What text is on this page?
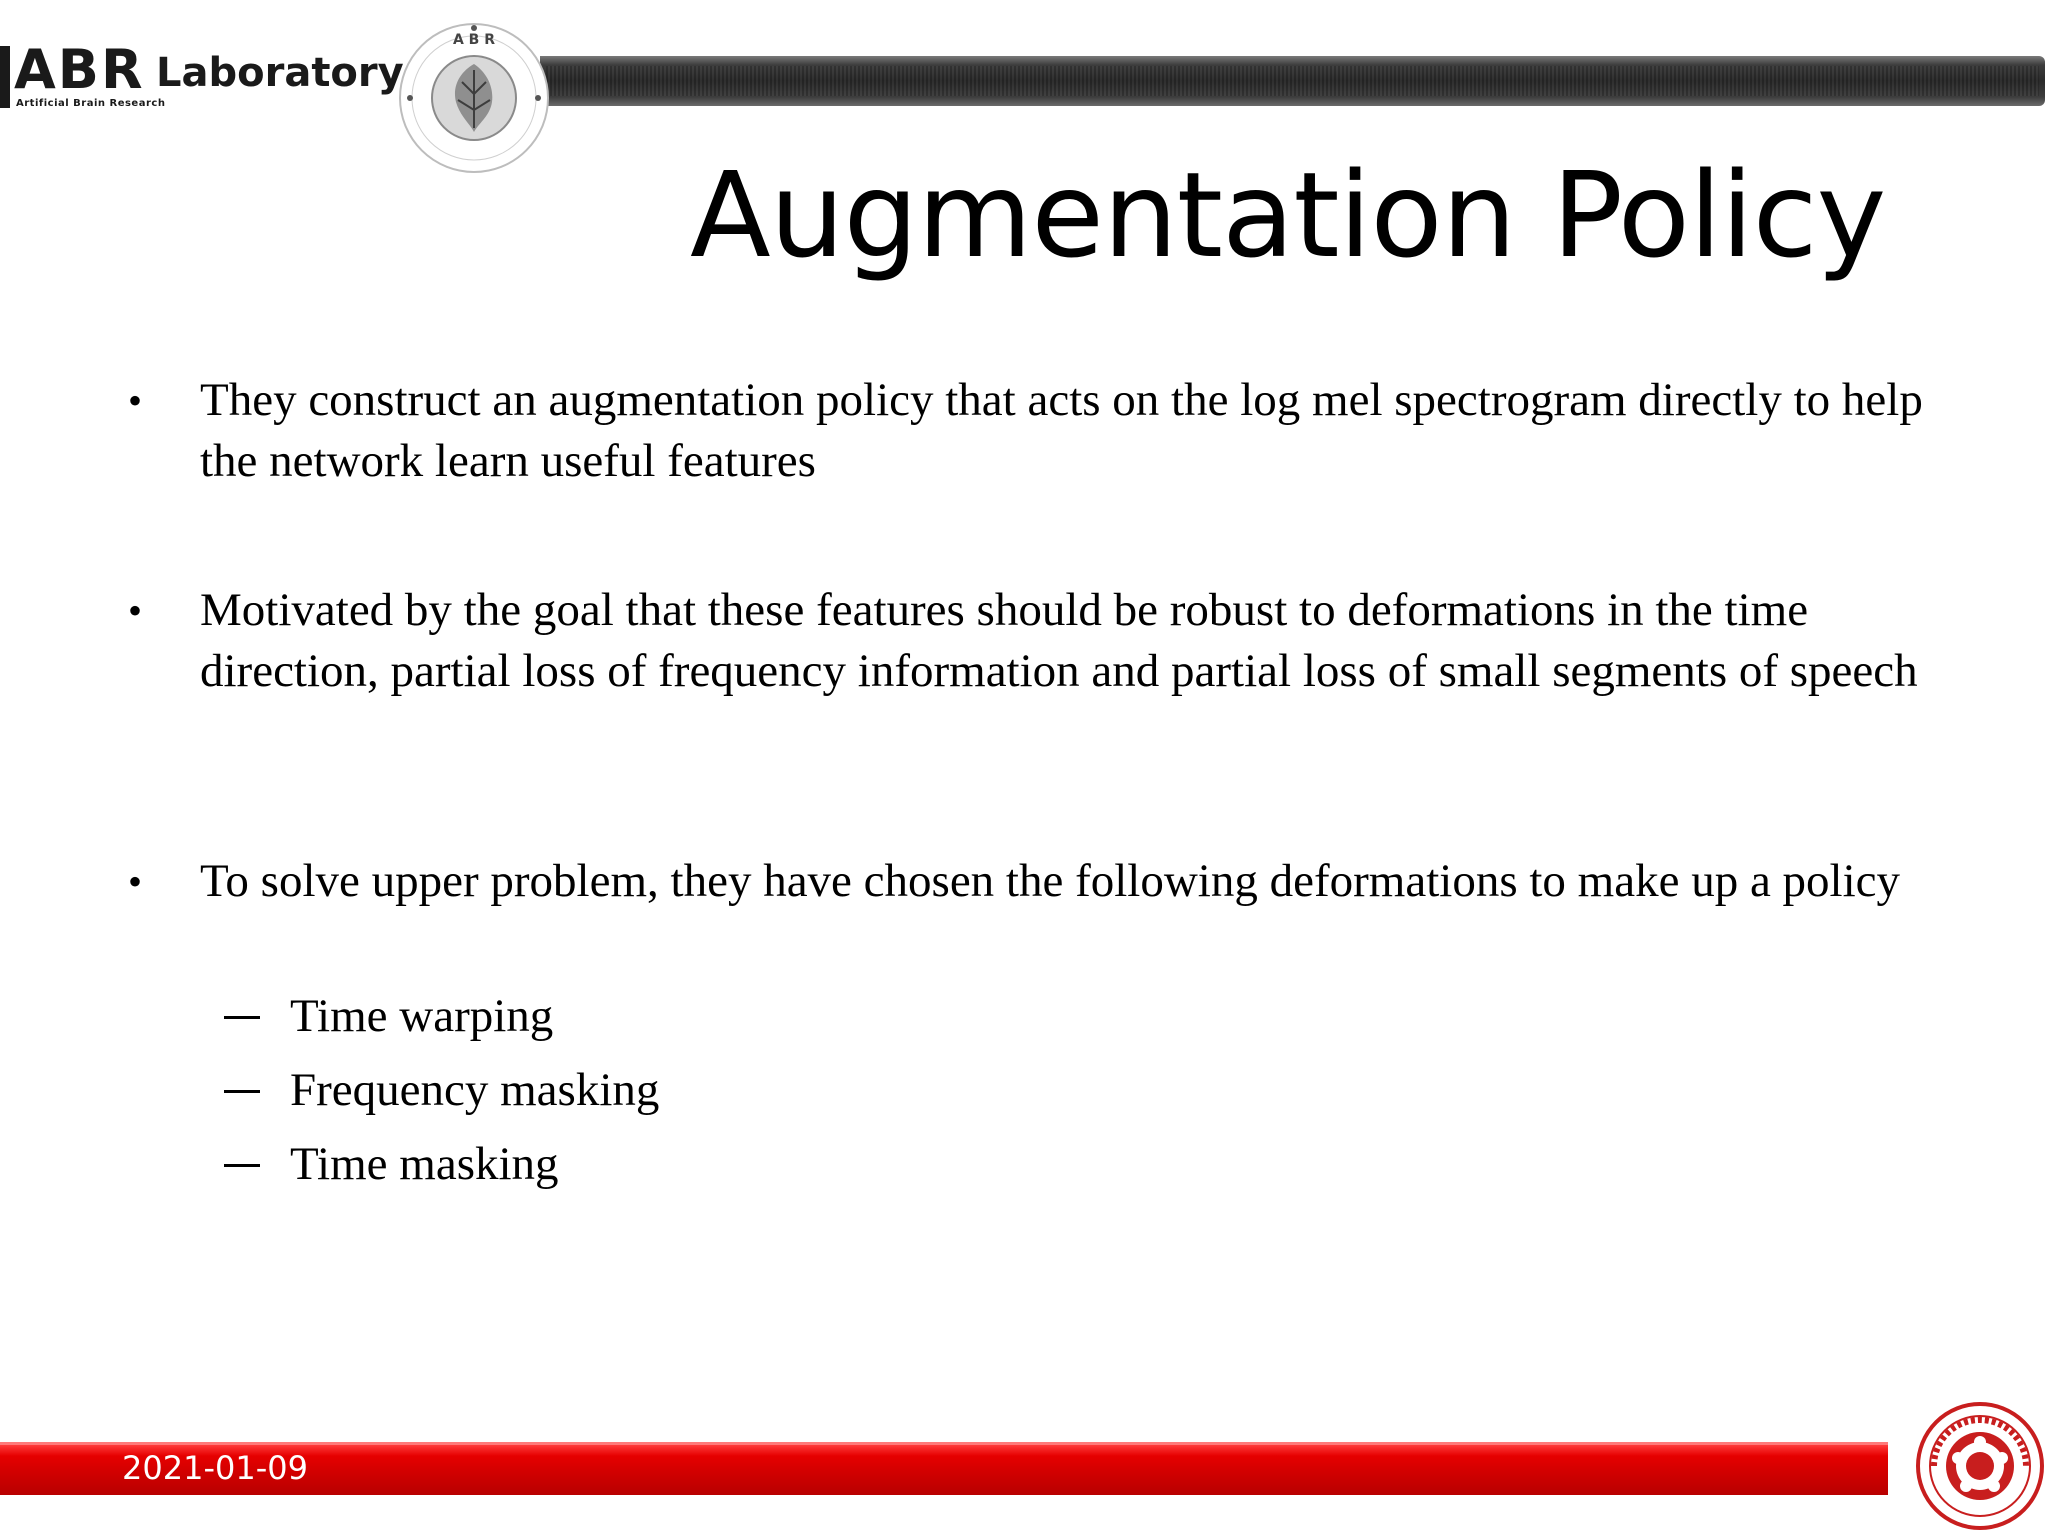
ABR Laboratory
Artificial Brain Research
A B R
Augmentation Policy
• They construct an augmentation policy that acts on the log mel spectrogram directly to help the network learn useful features
• Motivated by the goal that these features should be robust to deformations in the time direction, partial loss of frequency information and partial loss of small segments of speech
• To solve upper problem, they have chosen the following deformations to make up a policy
Time warping
Frequency masking
Time masking
2021-01-09
